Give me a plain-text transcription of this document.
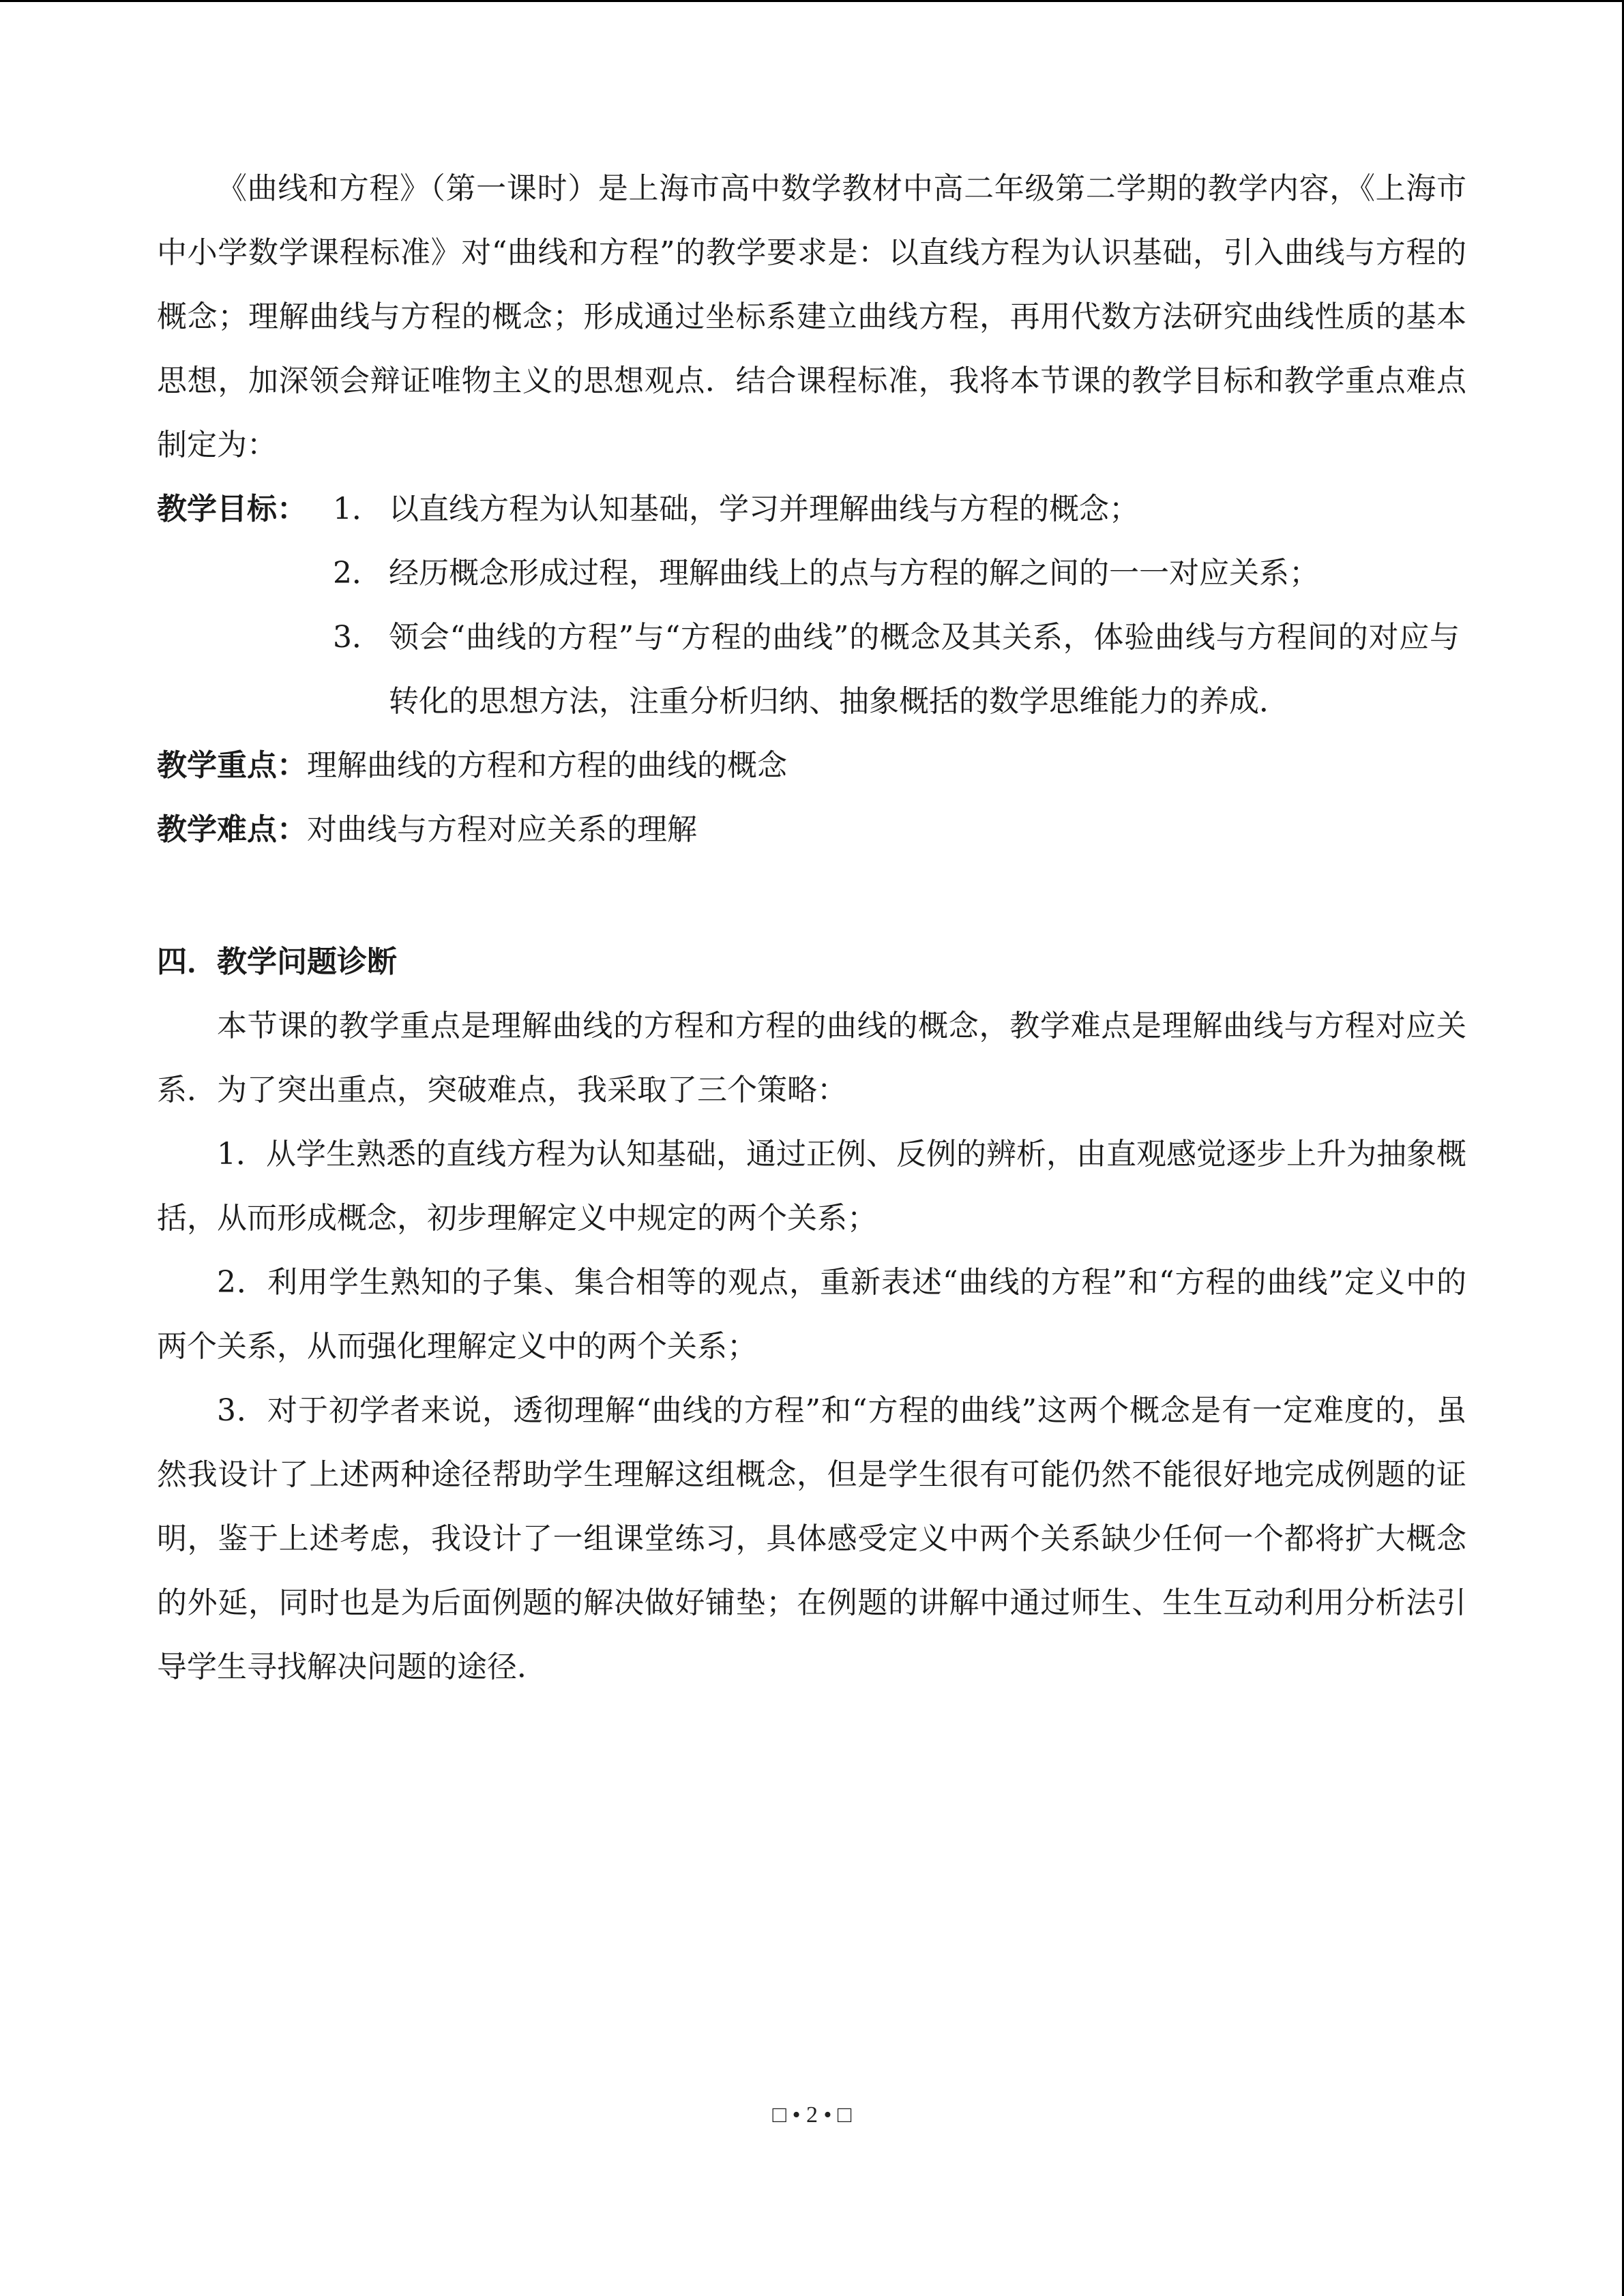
《曲线和方程》（第一课时）是上海市高中数学教材中高二年级第二学期的教学内容，《上海市中小学数学课程标准》对“曲线和方程”的教学要求是：以直线方程为认识基础，引入曲线与方程的概念；理解曲线与方程的概念；形成通过坐标系建立曲线方程，再用代数方法研究曲线性质的基本思想，加深领会辩证唯物主义的思想观点．结合课程标准，我将本节课的教学目标和教学重点难点制定为：

教学目标： 1． 以直线方程为认知基础，学习并理解曲线与方程的概念；
2． 经历概念形成过程，理解曲线上的点与方程的解之间的一一对应关系；
3． 领会“曲线的方程”与“方程的曲线”的概念及其关系，体验曲线与方程间的对应与转化的思想方法，注重分析归纳、抽象概括的数学思维能力的养成．

教学重点：理解曲线的方程和方程的曲线的概念

教学难点：对曲线与方程对应关系的理解

四．教学问题诊断

本节课的教学重点是理解曲线的方程和方程的曲线的概念，教学难点是理解曲线与方程对应关系．为了突出重点，突破难点，我采取了三个策略：

1．从学生熟悉的直线方程为认知基础，通过正例、反例的辨析，由直观感觉逐步上升为抽象概括，从而形成概念，初步理解定义中规定的两个关系；

2．利用学生熟知的子集、集合相等的观点，重新表述“曲线的方程”和“方程的曲线”定义中的两个关系，从而强化理解定义中的两个关系；

3．对于初学者来说，透彻理解“曲线的方程”和“方程的曲线”这两个概念是有一定难度的，虽然我设计了上述两种途径帮助学生理解这组概念，但是学生很有可能仍然不能很好地完成例题的证明，鉴于上述考虑，我设计了一组课堂练习，具体感受定义中两个关系缺少任何一个都将扩大概念的外延，同时也是为后面例题的解决做好铺垫；在例题的讲解中通过师生、生生互动利用分析法引导学生寻找解决问题的途径．

□ • 2 • □
